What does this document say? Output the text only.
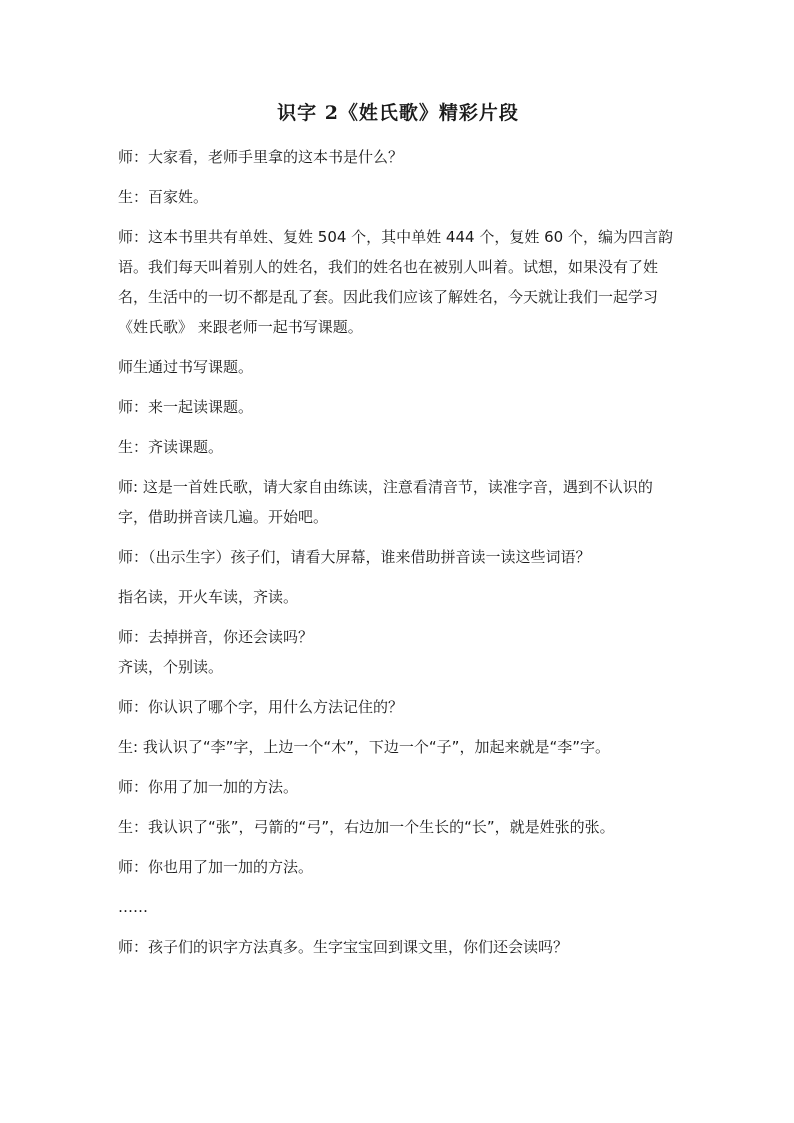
识字 2《姓氏歌》精彩片段

师：大家看，老师手里拿的这本书是什么？

生：百家姓。

师：这本书里共有单姓、复姓 504 个，其中单姓 444 个，复姓 60 个，编为四言韵语。我们每天叫着别人的姓名，我们的姓名也在被别人叫着。试想，如果没有了姓名，生活中的一切不都是乱了套。因此我们应该了解姓名，今天就让我们一起学习《姓氏歌》 来跟老师一起书写课题。

师生通过书写课题。

师：来一起读课题。

生：齐读课题。

师: 这是一首姓氏歌，请大家自由练读，注意看清音节，读准字音，遇到不认识的字，借助拼音读几遍。开始吧。

师：（出示生字）孩子们，请看大屏幕，谁来借助拼音读一读这些词语？

指名读，开火车读，齐读。

师：去掉拼音，你还会读吗？

齐读，个别读。

师：你认识了哪个字，用什么方法记住的？

生: 我认识了“李”字，上边一个“木”，下边一个“子”，加起来就是“李”字。

师：你用了加一加的方法。

生：我认识了“张”，弓箭的“弓”，右边加一个生长的“长”，就是姓张的张。

师：你也用了加一加的方法。

……

师：孩子们的识字方法真多。生字宝宝回到课文里，你们还会读吗？
